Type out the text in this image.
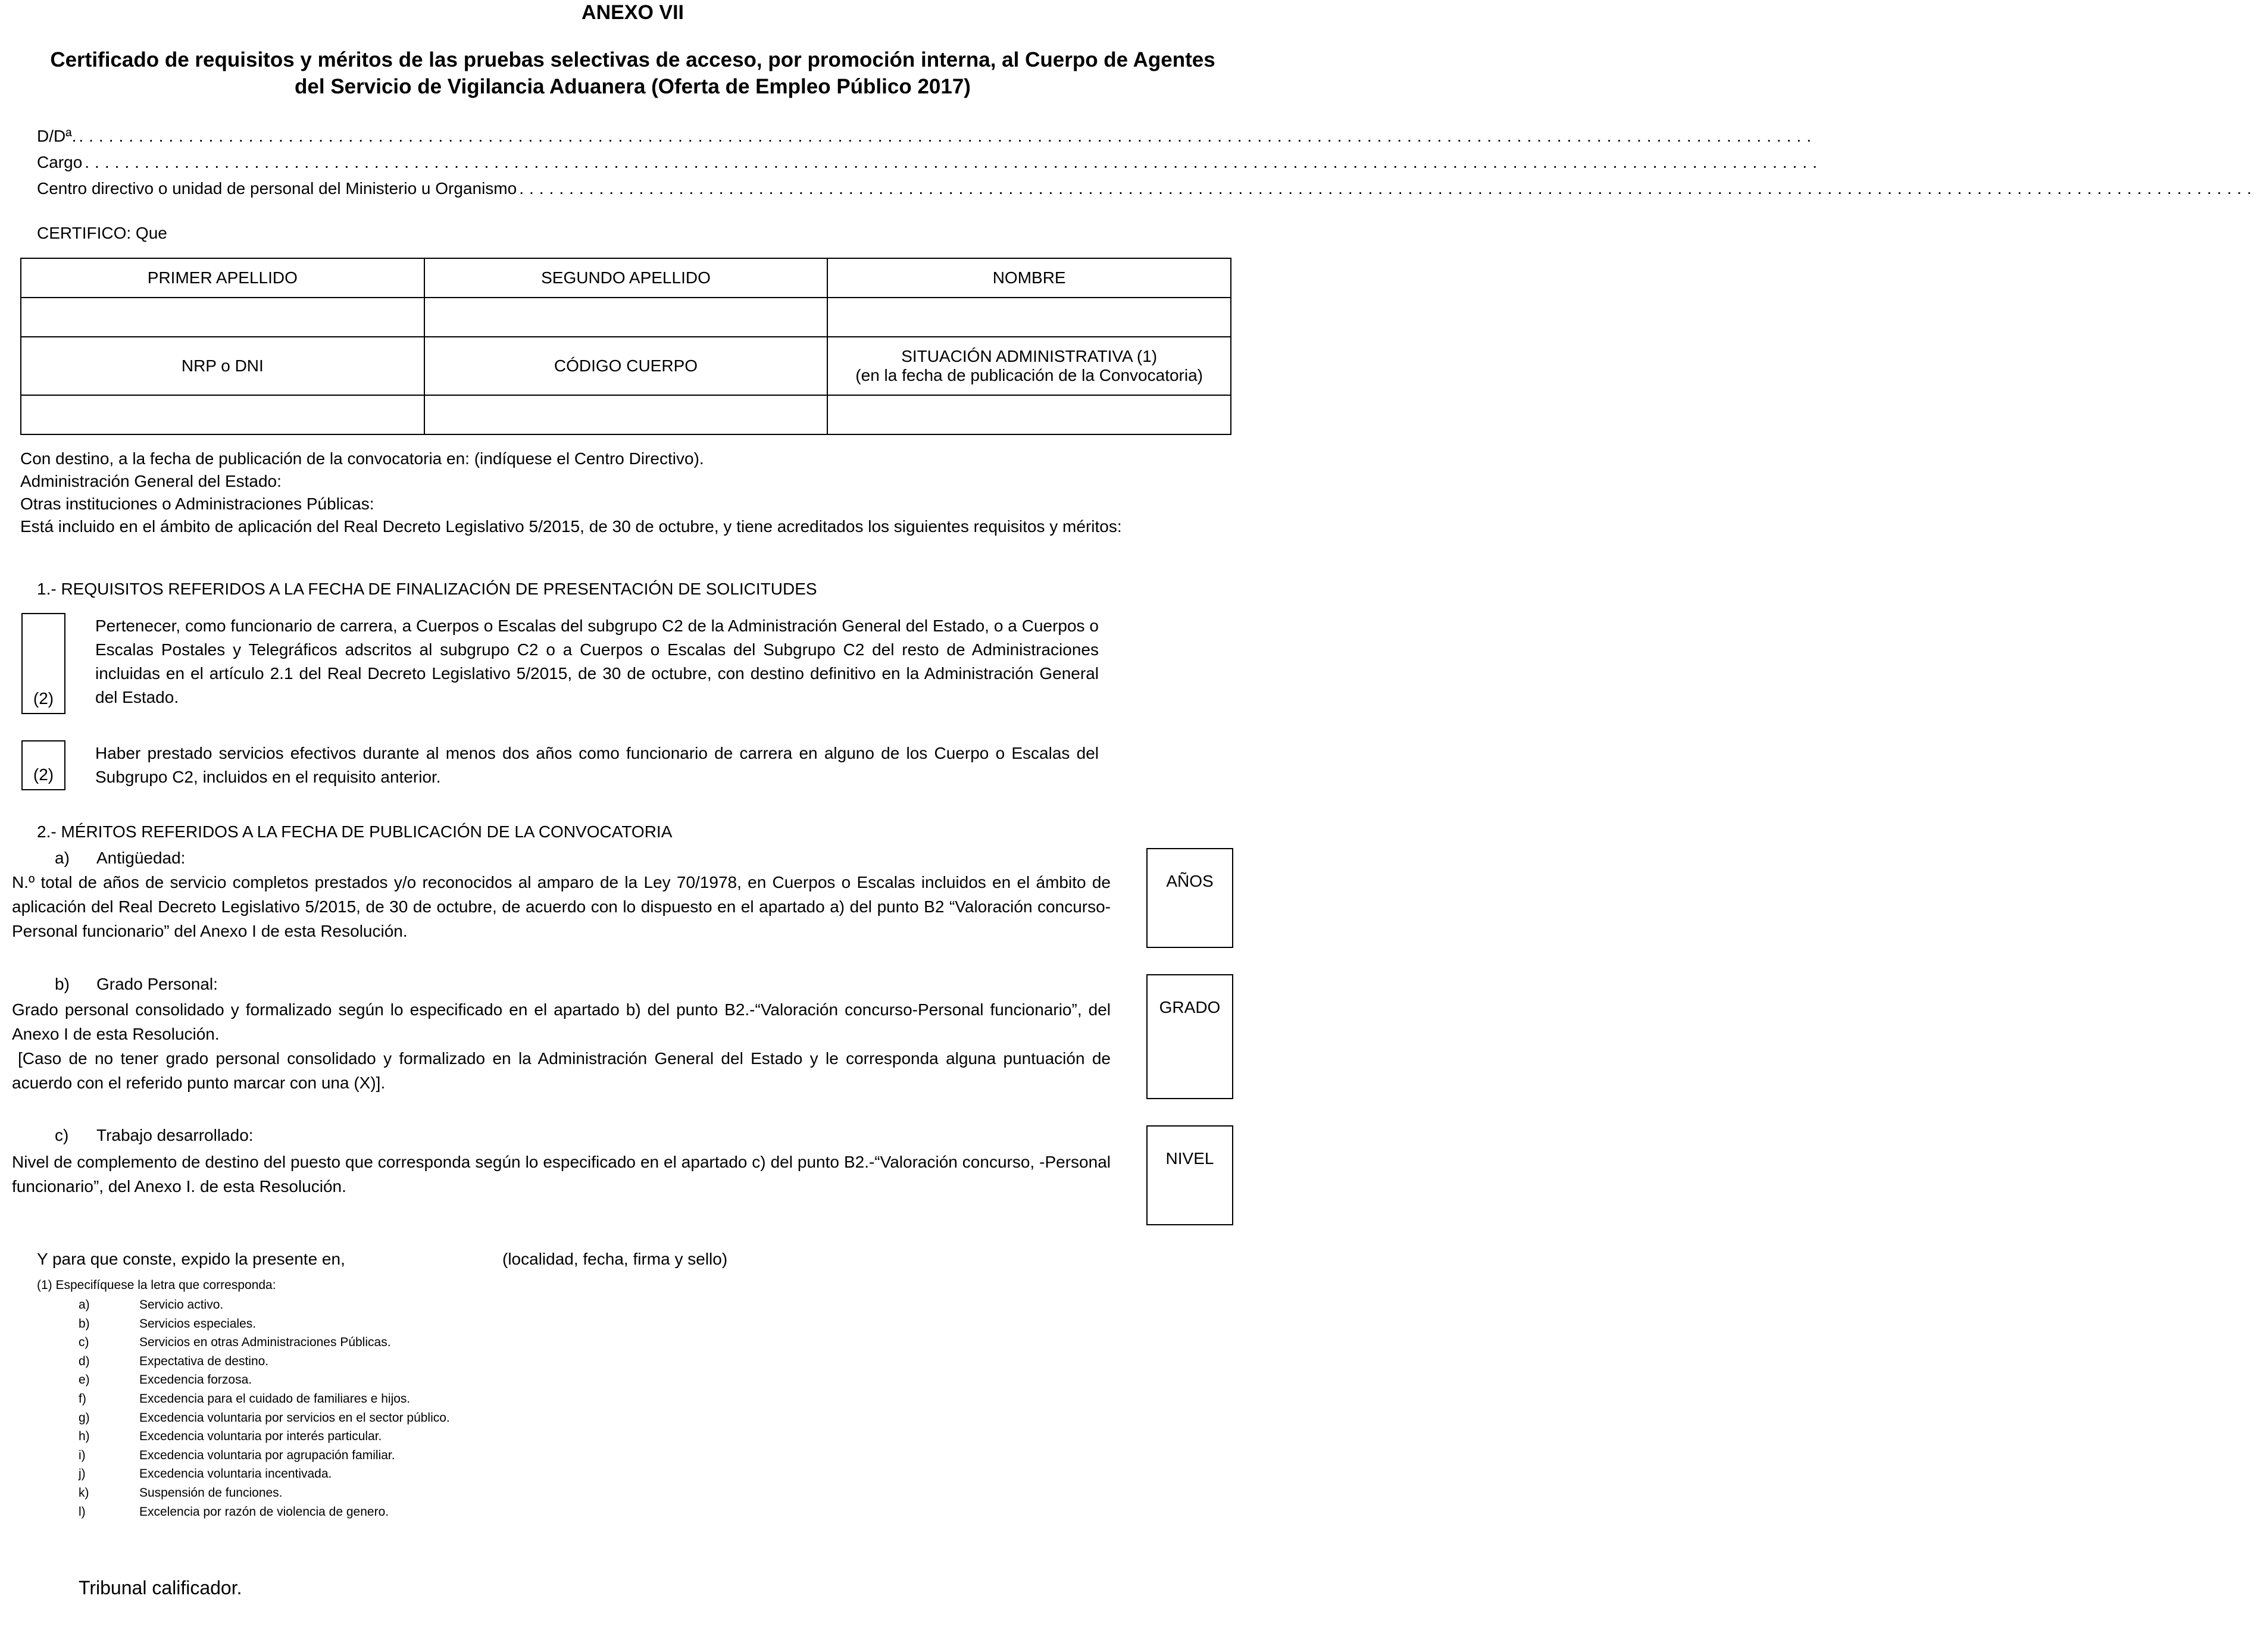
ANEXO VII
Certificado de requisitos y méritos de las pruebas selectivas de acceso, por promoción interna, al Cuerpo de Agentes del Servicio de Vigilancia Aduanera (Oferta de Empleo Público 2017)
D/Dª. ..............................................................................................................................................................................
Cargo ..............................................................................................................................................................................
Centro directivo o unidad de personal del Ministerio u Organismo ..............................................................................................................................................................................
CERTIFICO: Que
PRIMER APELLIDO	SEGUNDO APELLIDO	NOMBRE

NRP o DNI	CÓDIGO CUERPO	SITUACIÓN ADMINISTRATIVA (1)
(en la fecha de publicación de la Convocatoria)

Con destino, a la fecha de publicación de la convocatoria en: (indíquese el Centro Directivo).
Administración General del Estado:
Otras instituciones o Administraciones Públicas:
Está incluido en el ámbito de aplicación del Real Decreto Legislativo 5/2015, de 30 de octubre, y tiene acreditados los siguientes requisitos y méritos:
1.- REQUISITOS REFERIDOS A LA FECHA DE FINALIZACIÓN DE PRESENTACIÓN DE SOLICITUDES
(2)
Pertenecer, como funcionario de carrera, a Cuerpos o Escalas del subgrupo C2 de la Administración General del Estado, o a Cuerpos o Escalas Postales y Telegráficos adscritos al subgrupo C2 o a Cuerpos o Escalas del Subgrupo C2 del resto de Administraciones incluidas en el artículo 2.1 del Real Decreto Legislativo 5/2015, de 30 de octubre, con destino definitivo en la Administración General del Estado.
(2)
Haber prestado servicios efectivos durante al menos dos años como funcionario de carrera en alguno de los Cuerpo o Escalas del Subgrupo C2, incluidos en el requisito anterior.
2.- MÉRITOS REFERIDOS A LA FECHA DE PUBLICACIÓN DE LA CONVOCATORIA
a) Antigüedad:
N.º total de años de servicio completos prestados y/o reconocidos al amparo de la Ley 70/1978, en Cuerpos o Escalas incluidos en el ámbito de aplicación del Real Decreto Legislativo 5/2015, de 30 de octubre, de acuerdo con lo dispuesto en el apartado a) del punto B2 “Valoración concurso-Personal funcionario” del Anexo I de esta Resolución.
AÑOS
b) Grado Personal:
Grado personal consolidado y formalizado según lo especificado en el apartado b) del punto B2.-“Valoración concurso-Personal funcionario”, del Anexo I de esta Resolución.
[Caso de no tener grado personal consolidado y formalizado en la Administración General del Estado y le corresponda alguna puntuación de acuerdo con el referido punto marcar con una (X)].
GRADO
c) Trabajo desarrollado:
Nivel de complemento de destino del puesto que corresponda según lo especificado en el apartado c) del punto B2.-“Valoración concurso, -Personal funcionario”, del Anexo I. de esta Resolución.
NIVEL
Y para que conste, expido la presente en,	(localidad, fecha, firma y sello)
(1) Especifíquese la letra que corresponda:
a)	Servicio activo.
b)	Servicios especiales.
c)	Servicios en otras Administraciones Públicas.
d)	Expectativa de destino.
e)	Excedencia forzosa.
f)	Excedencia para el cuidado de familiares e hijos.
g)	Excedencia voluntaria por servicios en el sector público.
h)	Excedencia voluntaria por interés particular.
i)	Excedencia voluntaria por agrupación familiar.
j)	Excedencia voluntaria incentivada.
k)	Suspensión de funciones.
l)	Excelencia por razón de violencia de genero.
Tribunal calificador.
